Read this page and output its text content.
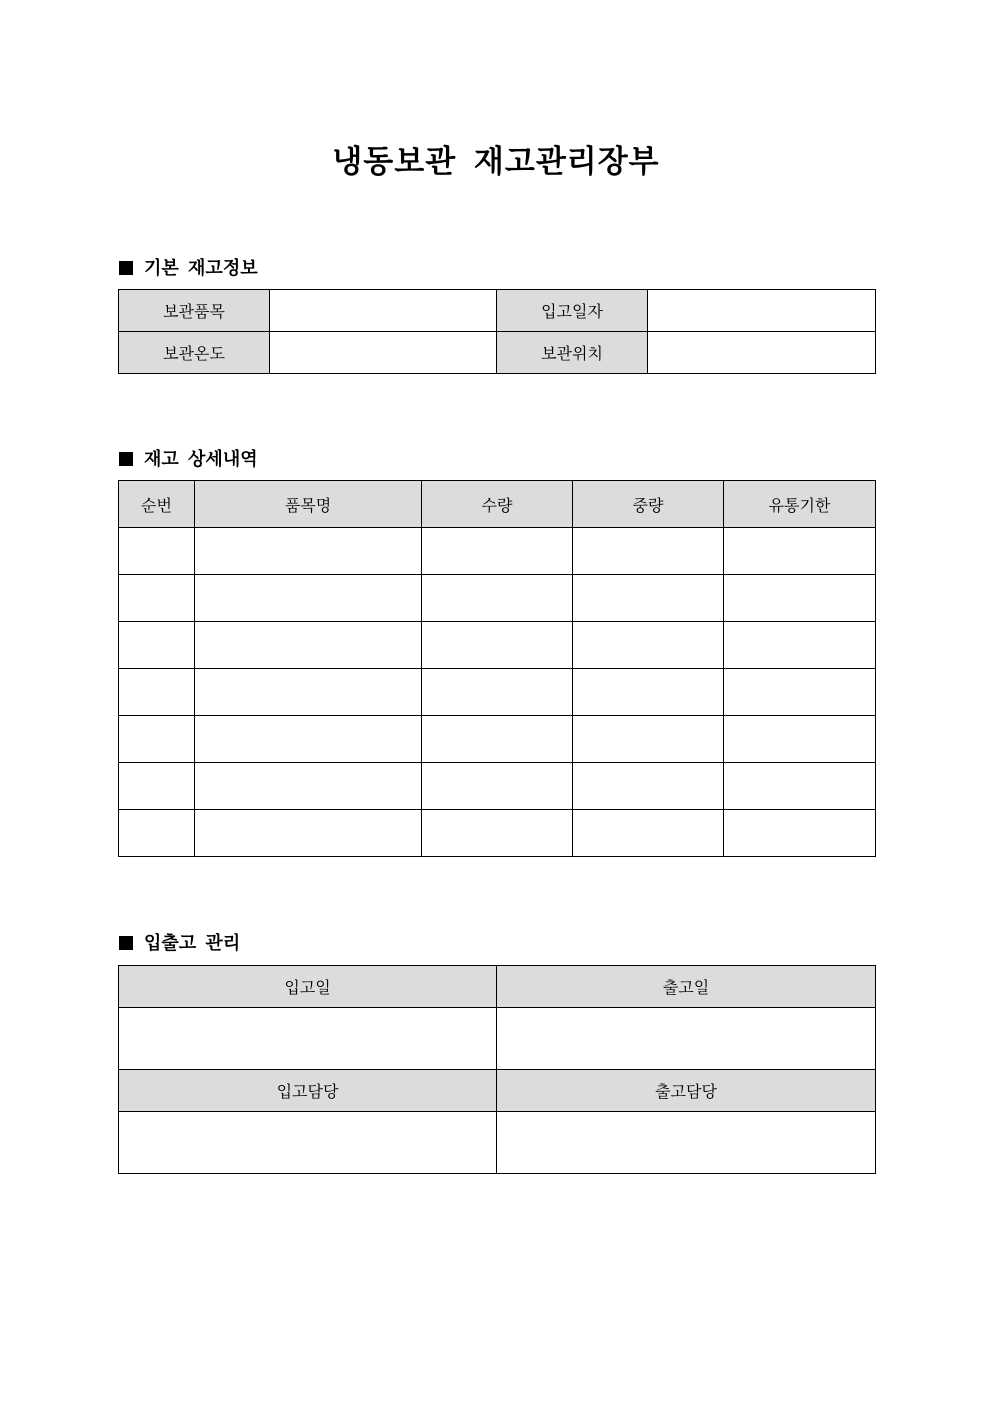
냉동보관 재고관리장부
기본 재고정보
보관품목		입고일자	
보관온도		보관위치	
재고 상세내역
순번	품목명	수량	중량	유통기한

입출고 관리
입고일	출고일

입고담당	출고담당
